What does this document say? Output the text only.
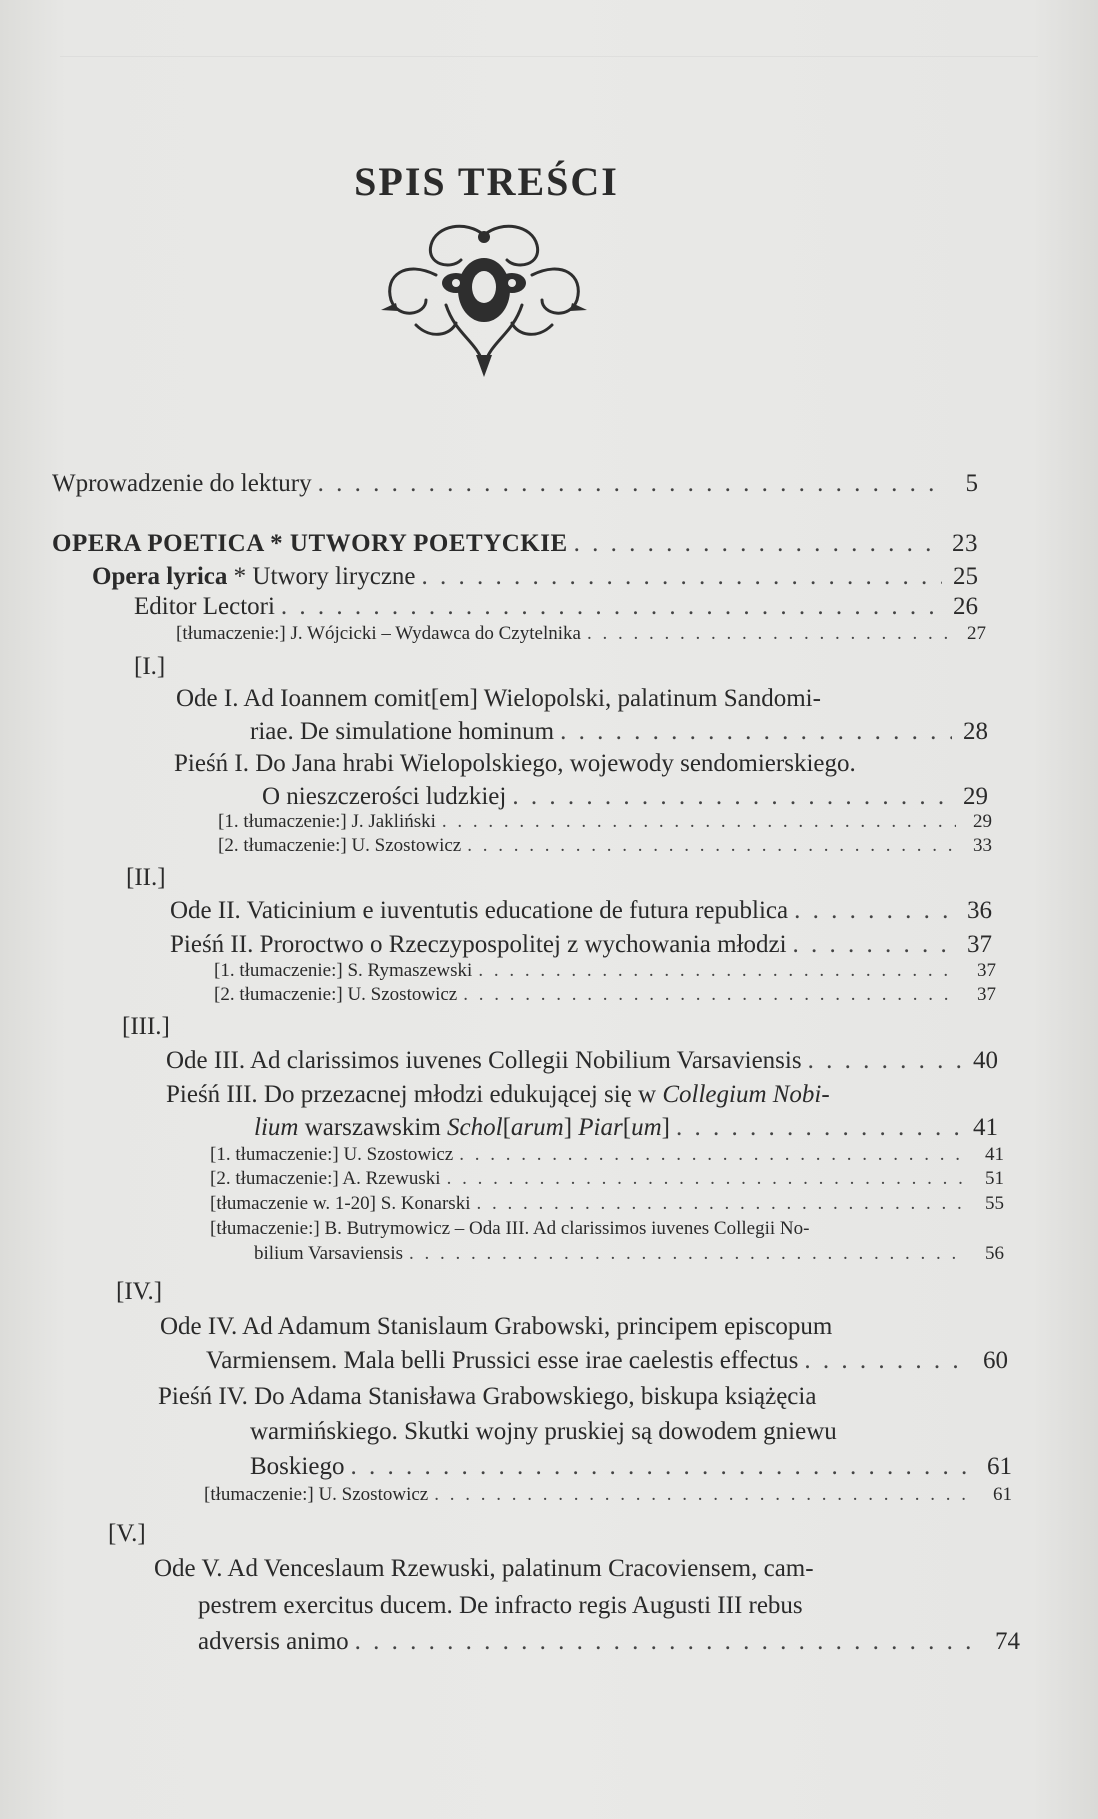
SPIS TREŚCI
Wprowadzenie do lektury . . .	5
OPERA POETICA * UTWORY POETYCKIE . . .	23
Opera lyrica * Utwory liryczne . . .	25
Editor Lectori . . .	26
[tłumaczenie:] J. Wójcicki – Wydawca do Czytelnika . . .	27
[I.]
Ode I. Ad Ioannem comit[em] Wielopolski, palatinum Sandomi-
riae. De simulatione hominum . . .	28
Pieśń I. Do Jana hrabi Wielopolskiego, wojewody sendomierskiego.
O nieszczerości ludzkiej . . .	29
[1. tłumaczenie:] J. Jakliński . . .	29
[2. tłumaczenie:] U. Szostowicz . . .	33
[II.]
Ode II. Vaticinium e iuventutis educatione de futura republica . . .	36
Pieśń II. Proroctwo o Rzeczypospolitej z wychowania młodzi . . .	37
[1. tłumaczenie:] S. Rymaszewski . . .	37
[2. tłumaczenie:] U. Szostowicz . . .	37
[III.]
Ode III. Ad clarissimos iuvenes Collegii Nobilium Varsaviensis . . .	40
Pieśń III. Do przezacnej młodzi edukującej się w Collegium Nobi-
lium warszawskim Schol[arum] Piar[um] . . .	41
[1. tłumaczenie:] U. Szostowicz . . .	41
[2. tłumaczenie:] A. Rzewuski . . .	51
[tłumaczenie w. 1-20] S. Konarski . . .	55
[tłumaczenie:] B. Butrymowicz – Oda III. Ad clarissimos iuvenes Collegii No-
bilium Varsaviensis . . .	56
[IV.]
Ode IV. Ad Adamum Stanislaum Grabowski, principem episcopum
Varmiensem. Mala belli Prussici esse irae caelestis effectus . . .	60
Pieśń IV. Do Adama Stanisława Grabowskiego, biskupa książęcia
warmińskiego. Skutki wojny pruskiej są dowodem gniewu
Boskiego . . .	61
[tłumaczenie:] U. Szostowicz . . .	61
[V.]
Ode V. Ad Venceslaum Rzewuski, palatinum Cracoviensem, cam-
pestrem exercitus ducem. De infracto regis Augusti III rebus
adversis animo . . .	74
